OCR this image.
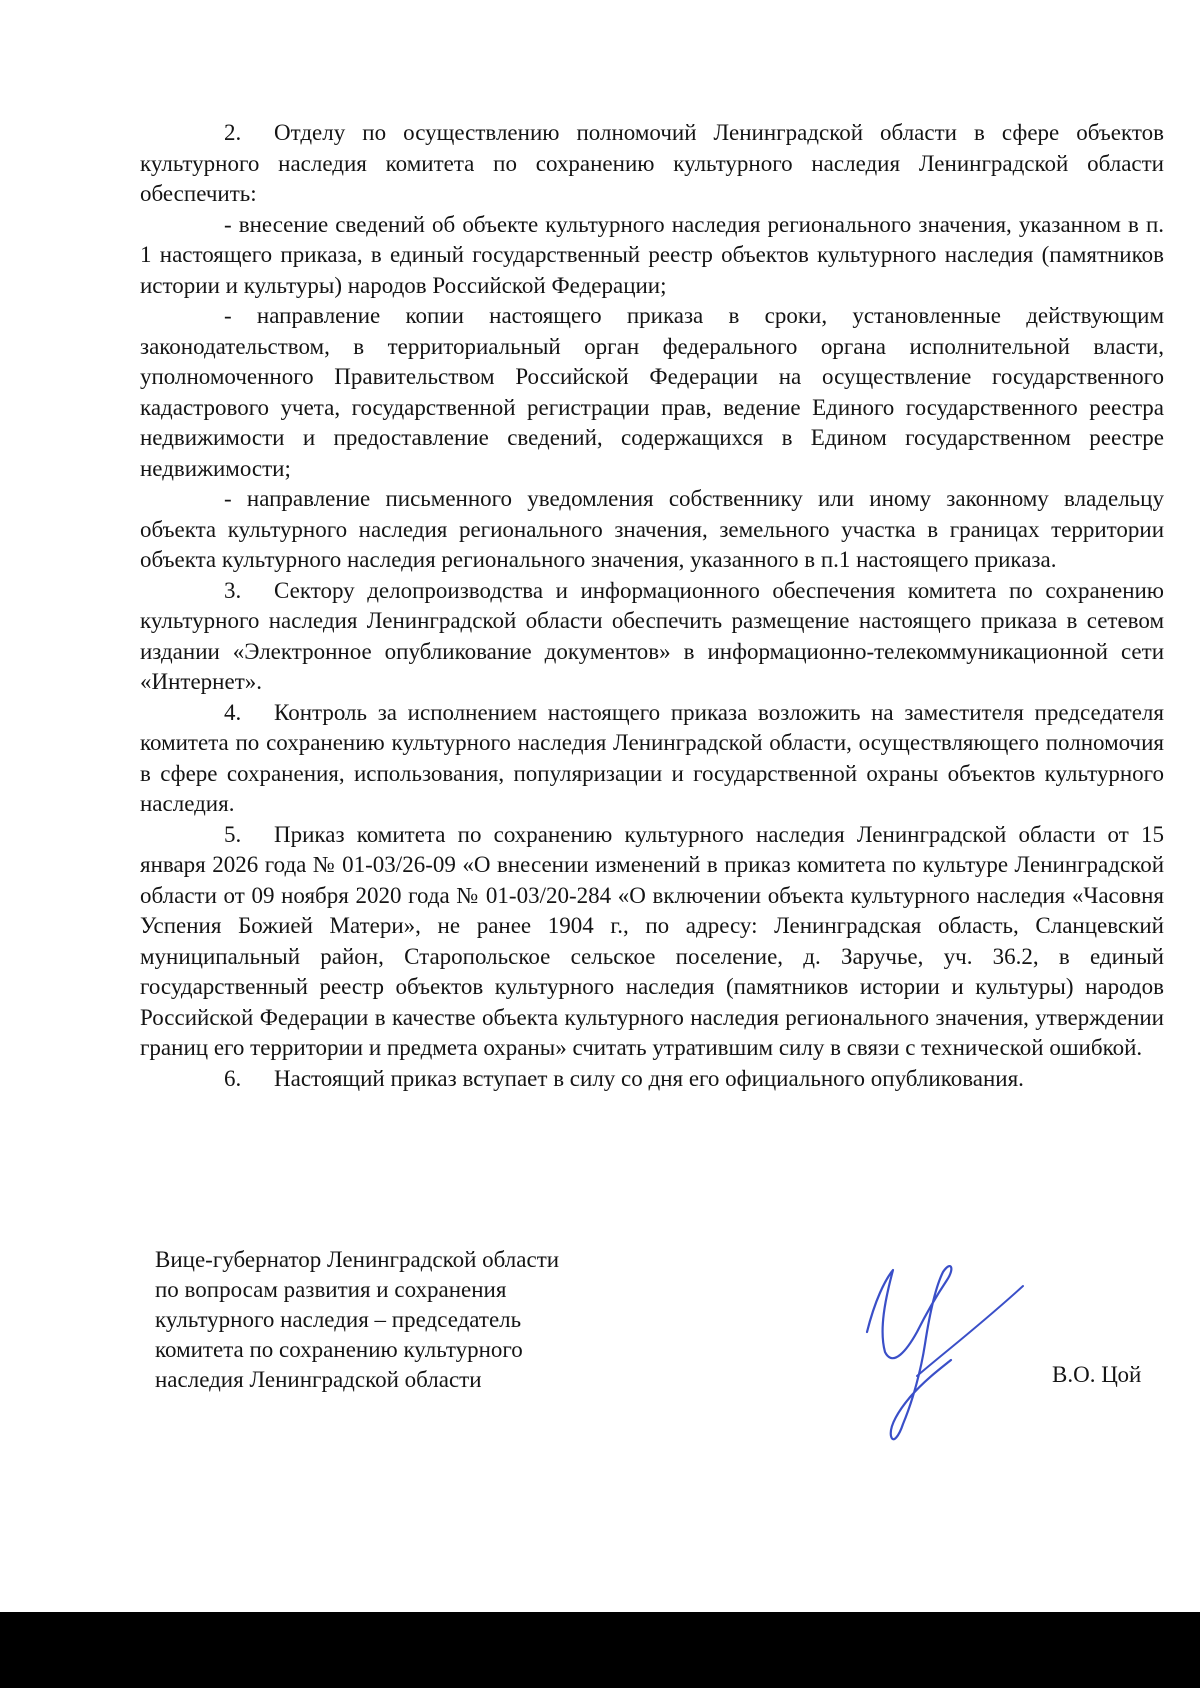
2. Отделу по осуществлению полномочий Ленинградской области в сфере объектов культурного наследия комитета по сохранению культурного наследия Ленинградской области обеспечить:

- внесение сведений об объекте культурного наследия регионального значения, указанном в п. 1 настоящего приказа, в единый государственный реестр объектов культурного наследия (памятников истории и культуры) народов Российской Федерации;

- направление копии настоящего приказа в сроки, установленные действующим законодательством, в территориальный орган федерального органа исполнительной власти, уполномоченного Правительством Российской Федерации на осуществление государственного кадастрового учета, государственной регистрации прав, ведение Единого государственного реестра недвижимости и предоставление сведений, содержащихся в Едином государственном реестре недвижимости;

- направление письменного уведомления собственнику или иному законному владельцу объекта культурного наследия регионального значения, земельного участка в границах территории объекта культурного наследия регионального значения, указанного в п.1 настоящего приказа.

3. Сектору делопроизводства и информационного обеспечения комитета по сохранению культурного наследия Ленинградской области обеспечить размещение настоящего приказа в сетевом издании «Электронное опубликование документов» в информационно-телекоммуникационной сети «Интернет».

4. Контроль за исполнением настоящего приказа возложить на заместителя председателя комитета по сохранению культурного наследия Ленинградской области, осуществляющего полномочия в сфере сохранения, использования, популяризации и государственной охраны объектов культурного наследия.

5. Приказ комитета по сохранению культурного наследия Ленинградской области от 15 января 2026 года № 01-03/26-09 «О внесении изменений в приказ комитета по культуре Ленинградской области от 09 ноября 2020 года № 01-03/20-284 «О включении объекта культурного наследия «Часовня Успения Божией Матери», не ранее 1904 г., по адресу: Ленинградская область, Сланцевский муниципальный район, Старопольское сельское поселение, д. Заручье, уч. 36.2, в единый государственный реестр объектов культурного наследия (памятников истории и культуры) народов Российской Федерации в качестве объекта культурного наследия регионального значения, утверждении границ его территории и предмета охраны» считать утратившим силу в связи с технической ошибкой.

6. Настоящий приказ вступает в силу со дня его официального опубликования.

Вице-губернатор Ленинградской области
по вопросам развития и сохранения
культурного наследия – председатель
комитета по сохранению культурного
наследия Ленинградской области	В.О. Цой
